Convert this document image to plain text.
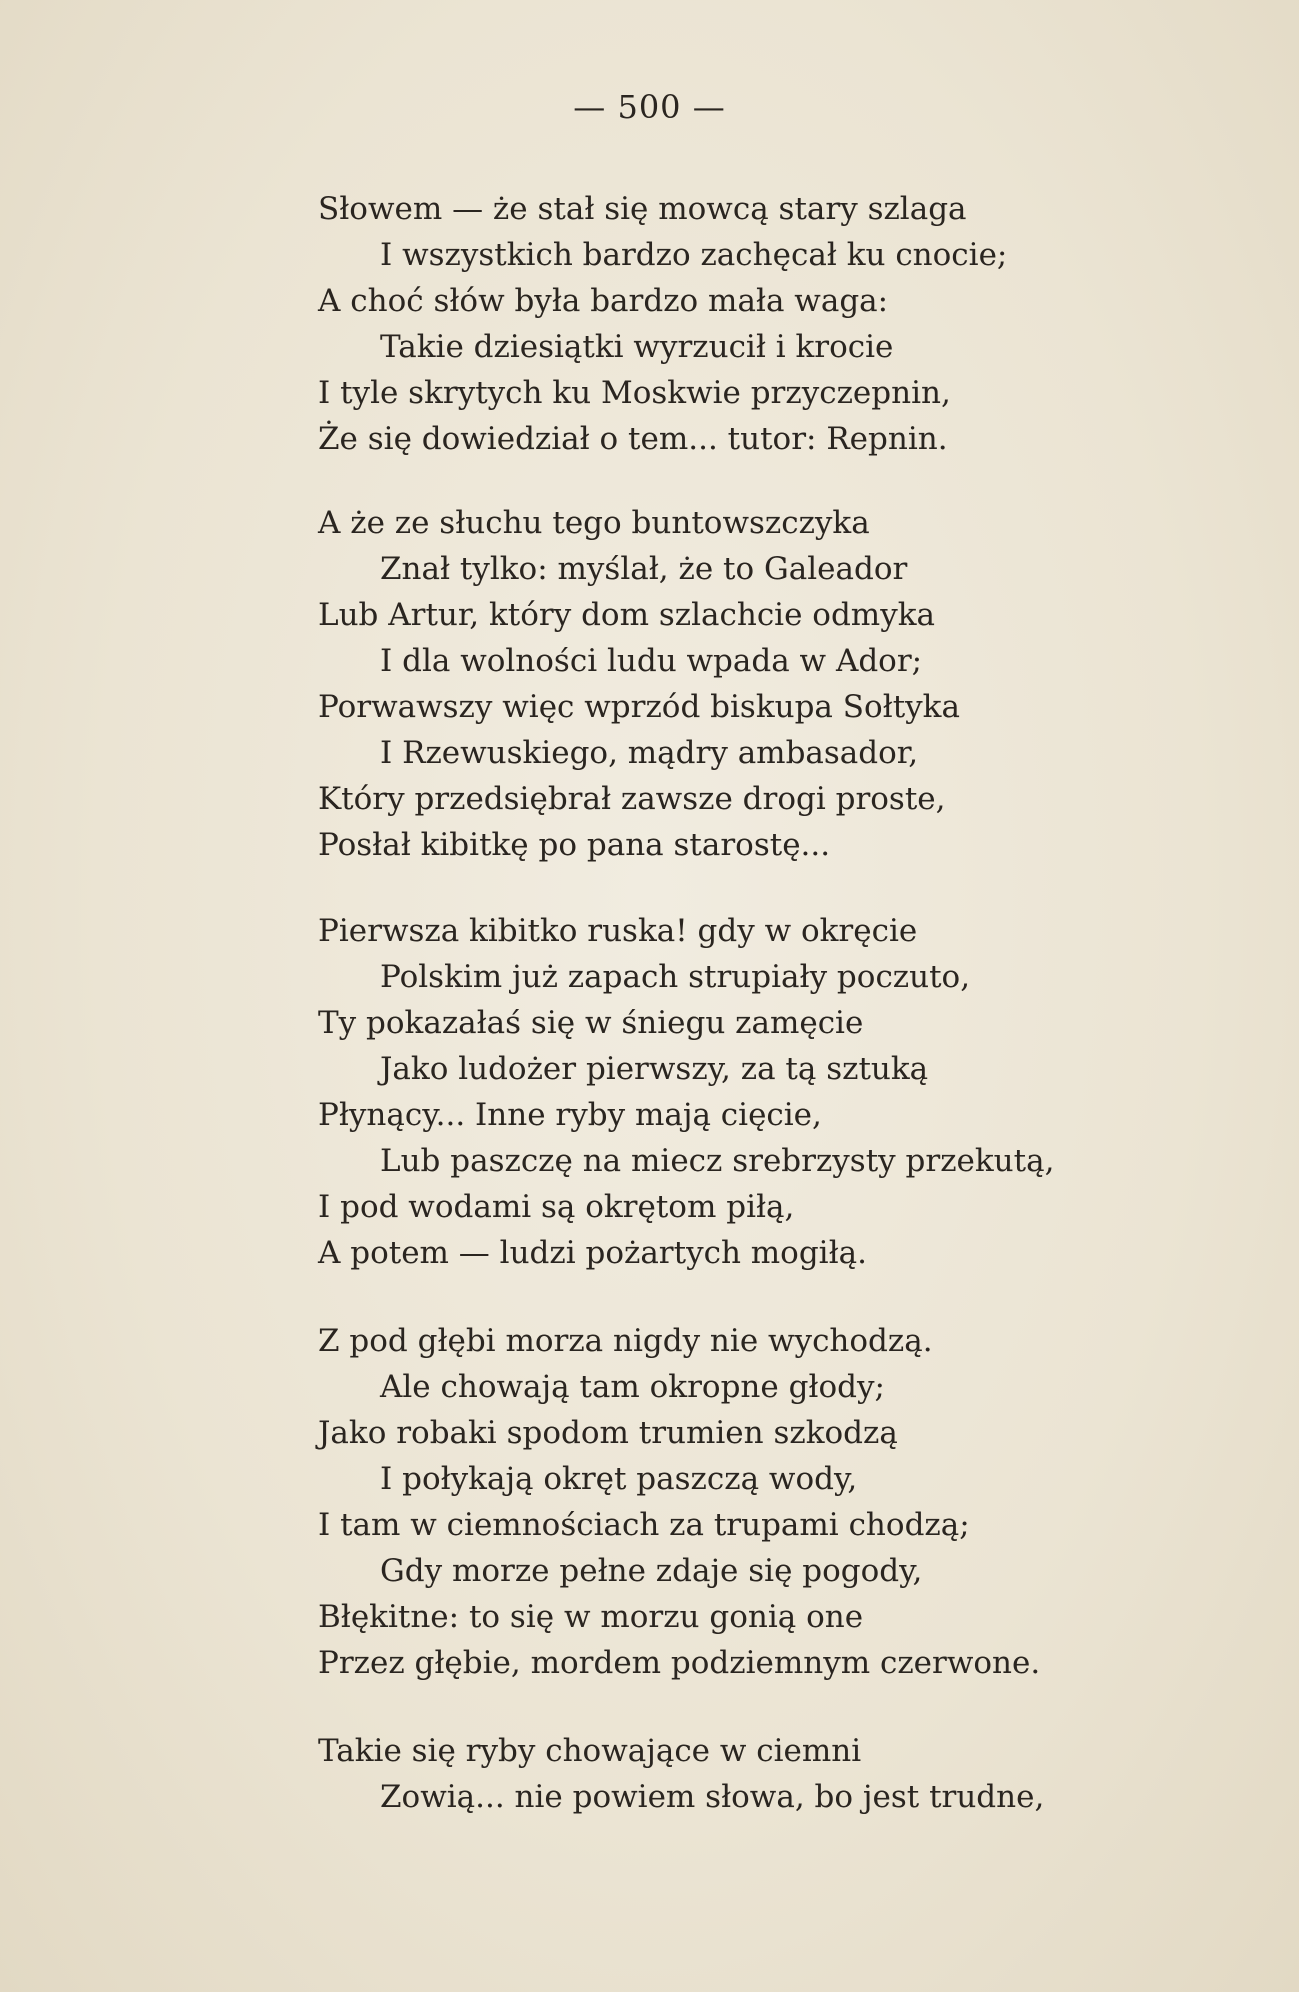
— 500 —
Słowem — że stał się mowcą stary szlaga
I wszystkich bardzo zachęcał ku cnocie;
A choć słów była bardzo mała waga:
Takie dziesiątki wyrzucił i krocie
I tyle skrytych ku Moskwie przyczepnin,
Że się dowiedział o tem... tutor: Repnin.
A że ze słuchu tego buntowszczyka
Znał tylko: myślał, że to Galeador
Lub Artur, który dom szlachcie odmyka
I dla wolności ludu wpada w Ador;
Porwawszy więc wprzód biskupa Sołtyka
I Rzewuskiego, mądry ambasador,
Który przedsiębrał zawsze drogi proste,
Posłał kibitkę po pana starostę...
Pierwsza kibitko ruska! gdy w okręcie
Polskim już zapach strupiały poczuto,
Ty pokazałaś się w śniegu zamęcie
Jako ludożer pierwszy, za tą sztuką
Płynący... Inne ryby mają cięcie,
Lub paszczę na miecz srebrzysty przekutą,
I pod wodami są okrętom piłą,
A potem — ludzi pożartych mogiłą.
Z pod głębi morza nigdy nie wychodzą.
Ale chowają tam okropne głody;
Jako robaki spodom trumien szkodzą
I połykają okręt paszczą wody,
I tam w ciemnościach za trupami chodzą;
Gdy morze pełne zdaje się pogody,
Błękitne: to się w morzu gonią one
Przez głębie, mordem podziemnym czerwone.
Takie się ryby chowające w ciemni
Zowią... nie powiem słowa, bo jest trudne,
